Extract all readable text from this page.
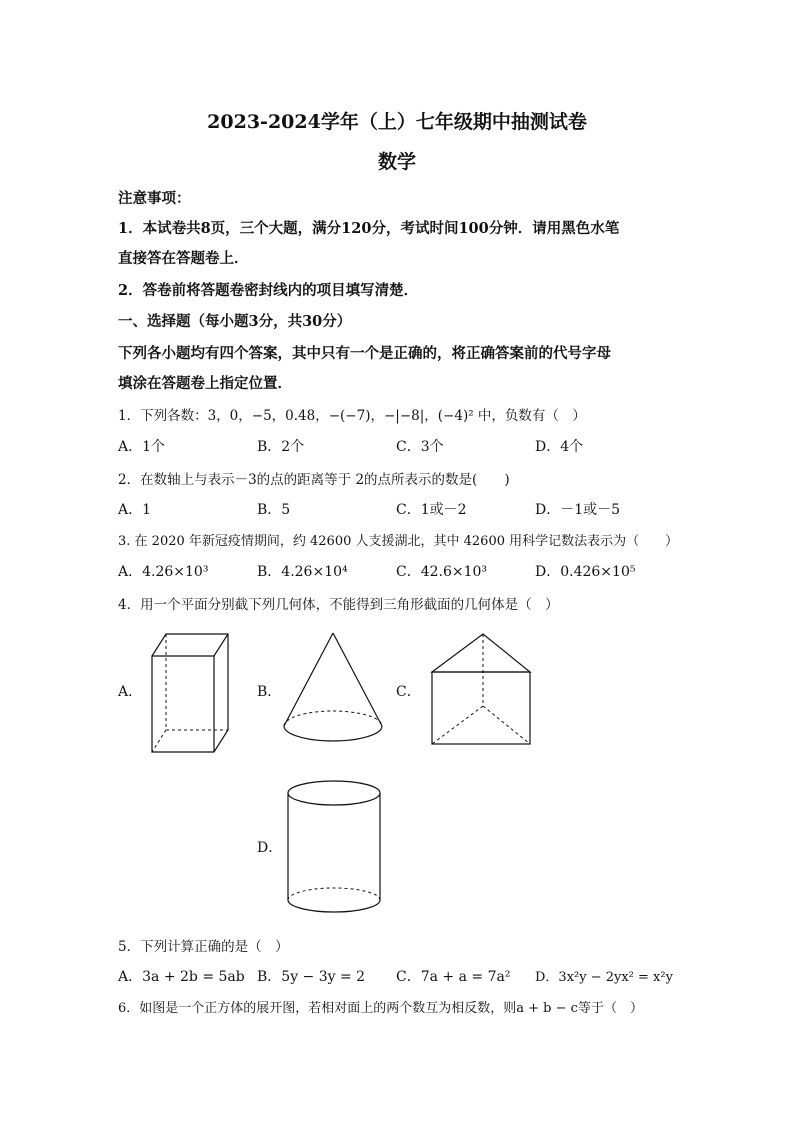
2023-2024学年（上）七年级期中抽测试卷
数学
注意事项：
1．本试卷共8页，三个大题，满分120分，考试时间100分钟．请用黑色水笔
直接答在答题卷上．
2．答卷前将答题卷密封线内的项目填写清楚．
一、选择题（每小题3分，共30分）
下列各小题均有四个答案，其中只有一个是正确的，将正确答案前的代号字母
填涂在答题卷上指定位置．
1．下列各数：3，0，−5，0.48，−(−7)，−|−8|，(−4)² 中，负数有（　）
A．1个	B．2个	C．3个	D．4个
2．在数轴上与表示－3的点的距离等于 2的点所表示的数是(　　)
A．1	B．5	C．1或－2	D．－1或－5
3. 在 2020 年新冠疫情期间，约 42600 人支援湖北，其中 42600 用科学记数法表示为（　　）
A．4.26×10³	B．4.26×10⁴	C．42.6×10³	D．0.426×10⁵
4．用一个平面分别截下列几何体，不能得到三角形截面的几何体是（　）
A．	B．	C．
D．
5．下列计算正确的是（　）
A．3a + 2b = 5ab B．5y − 3y = 2 C．7a + a = 7a² D．3x²y − 2yx² = x²y
6．如图是一个正方体的展开图，若相对面上的两个数互为相反数，则a + b − c等于（　）
